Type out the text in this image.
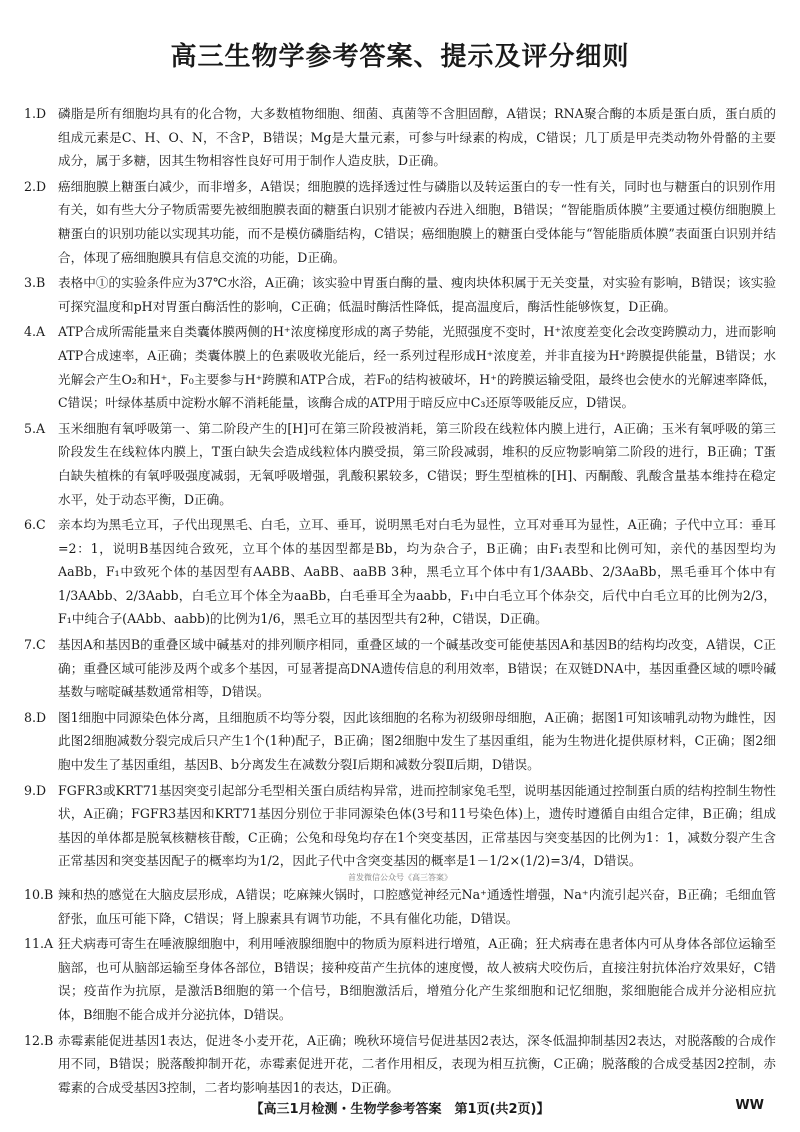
高三生物学参考答案、提示及评分细则
1.D 磷脂是所有细胞均具有的化合物，大多数植物细胞、细菌、真菌等不含胆固醇，A错误；RNA聚合酶的本质是蛋白质，蛋白质的组成元素是C、H、O、N，不含P，B错误；Mg是大量元素，可参与叶绿素的构成，C错误；几丁质是甲壳类动物外骨骼的主要成分，属于多糖，因其生物相容性良好可用于制作人造皮肤，D正确。
2.D 癌细胞膜上糖蛋白减少，而非增多，A错误；细胞膜的选择透过性与磷脂以及转运蛋白的专一性有关，同时也与糖蛋白的识别作用有关，如有些大分子物质需要先被细胞膜表面的糖蛋白识别才能被内吞进入细胞，B错误；“智能脂质体膜”主要通过模仿细胞膜上糖蛋白的识别功能以实现其功能，而不是模仿磷脂结构，C错误；癌细胞膜上的糖蛋白受体能与“智能脂质体膜”表面蛋白识别并结合，体现了癌细胞膜具有信息交流的功能，D正确。
3.B 表格中①的实验条件应为37℃水浴，A正确；该实验中胃蛋白酶的量、瘦肉块体积属于无关变量，对实验有影响，B错误；该实验可探究温度和pH对胃蛋白酶活性的影响，C正确；低温时酶活性降低，提高温度后，酶活性能够恢复，D正确。
4.A ATP合成所需能量来自类囊体膜两侧的H⁺浓度梯度形成的离子势能，光照强度不变时，H⁺浓度差变化会改变跨膜动力，进而影响ATP合成速率，A正确；类囊体膜上的色素吸收光能后，经一系列过程形成H⁺浓度差，并非直接为H⁺跨膜提供能量，B错误；水光解会产生O₂和H⁺，F₀主要参与H⁺跨膜和ATP合成，若F₀的结构被破坏，H⁺的跨膜运输受阻，最终也会使水的光解速率降低，C错误；叶绿体基质中淀粉水解不消耗能量，该酶合成的ATP用于暗反应中C₃还原等吸能反应，D错误。
5.A 玉米细胞有氧呼吸第一、第二阶段产生的[H]可在第三阶段被消耗，第三阶段在线粒体内膜上进行，A正确；玉米有氧呼吸的第三阶段发生在线粒体内膜上，T蛋白缺失会造成线粒体内膜受损，第三阶段减弱，堆积的反应物影响第二阶段的进行，B正确；T蛋白缺失植株的有氧呼吸强度减弱，无氧呼吸增强，乳酸积累较多，C错误；野生型植株的[H]、丙酮酸、乳酸含量基本维持在稳定水平，处于动态平衡，D正确。
6.C 亲本均为黑毛立耳，子代出现黑毛、白毛，立耳、垂耳，说明黑毛对白毛为显性，立耳对垂耳为显性，A正确；子代中立耳：垂耳=2：1，说明B基因纯合致死，立耳个体的基因型都是Bb，均为杂合子，B正确；由F₁表型和比例可知，亲代的基因型均为AaBb，F₁中致死个体的基因型有AABB、AaBB、aaBB 3种，黑毛立耳个体中有1/3AABb、2/3AaBb，黑毛垂耳个体中有1/3AAbb、2/3Aabb，白毛立耳个体全为aaBb，白毛垂耳全为aabb，F₁中白毛立耳个体杂交，后代中白毛立耳的比例为2/3，F₁中纯合子(AAbb、aabb)的比例为1/6，黑毛立耳的基因型共有2种，C错误，D正确。
7.C 基因A和基因B的重叠区域中碱基对的排列顺序相同，重叠区域的一个碱基改变可能使基因A和基因B的结构均改变，A错误，C正确；重叠区域可能涉及两个或多个基因，可显著提高DNA遗传信息的利用效率，B错误；在双链DNA中，基因重叠区域的嘌呤碱基数与嘧啶碱基数通常相等，D错误。
8.D 图1细胞中同源染色体分离，且细胞质不均等分裂，因此该细胞的名称为初级卵母细胞，A正确；据图1可知该哺乳动物为雌性，因此图2细胞减数分裂完成后只产生1个(1种)配子，B正确；图2细胞中发生了基因重组，能为生物进化提供原材料，C正确；图2细胞中发生了基因重组，基因B、b分离发生在减数分裂Ⅰ后期和减数分裂Ⅱ后期，D错误。
9.D FGFR3或KRT71基因突变引起部分毛型相关蛋白质结构异常，进而控制家兔毛型，说明基因能通过控制蛋白质的结构控制生物性状，A正确；FGFR3基因和KRT71基因分别位于非同源染色体(3号和11号染色体)上，遗传时遵循自由组合定律，B正确；组成基因的单体都是脱氧核糖核苷酸，C正确；公兔和母兔均存在1个突变基因，正常基因与突变基因的比例为1：1，减数分裂产生含正常基因和突变基因配子的概率均为1/2，因此子代中含突变基因的概率是1－1/2×(1/2)=3/4，D错误。
首发微信公众号《高三答案》
10.B 辣和热的感觉在大脑皮层形成，A错误；吃麻辣火锅时，口腔感觉神经元Na⁺通透性增强，Na⁺内流引起兴奋，B正确；毛细血管舒张，血压可能下降，C错误；肾上腺素具有调节功能，不具有催化功能，D错误。
11.A 狂犬病毒可寄生在唾液腺细胞中，利用唾液腺细胞中的物质为原料进行增殖，A正确；狂犬病毒在患者体内可从身体各部位运输至脑部，也可从脑部运输至身体各部位，B错误；接种疫苗产生抗体的速度慢，故人被病犬咬伤后，直接注射抗体治疗效果好，C错误；疫苗作为抗原，是激活B细胞的第一个信号，B细胞激活后，增殖分化产生浆细胞和记忆细胞，浆细胞能合成并分泌相应抗体，B细胞不能合成并分泌抗体，D错误。
12.B 赤霉素能促进基因1表达，促进冬小麦开花，A正确；晚秋环境信号促进基因2表达，深冬低温抑制基因2表达，对脱落酸的合成作用不同，B错误；脱落酸抑制开花，赤霉素促进开花，二者作用相反，表现为相互抗衡，C正确；脱落酸的合成受基因2控制，赤霉素的合成受基因3控制，二者均影响基因1的表达，D正确。
【高三1月检测・生物学参考答案　第1页(共2页)】	WW
